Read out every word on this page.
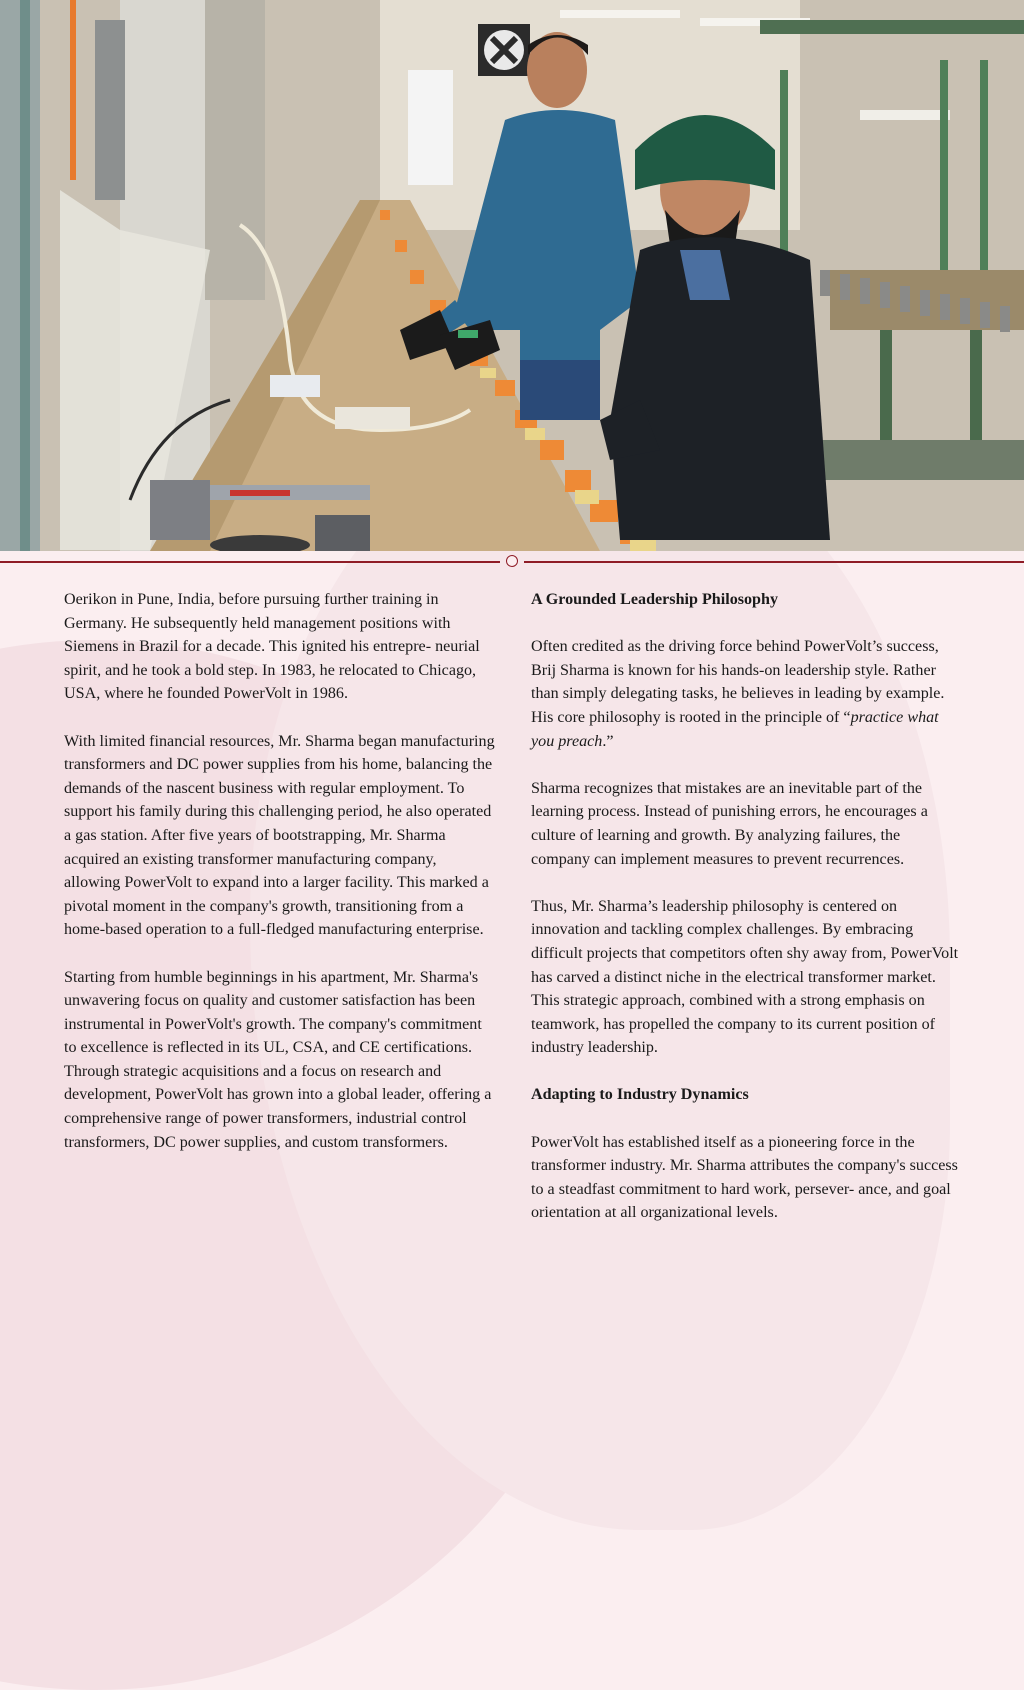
Oerikon in Pune, India, before pursuing further training in Germany. He subsequently held management positions with Siemens in Brazil for a decade. This ignited his entrepre- neurial spirit, and he took a bold step. In 1983, he relocated to Chicago, USA, where he founded PowerVolt in 1986.

With limited financial resources, Mr. Sharma began manufacturing transformers and DC power supplies from his home, balancing the demands of the nascent business with regular employment. To support his family during this challenging period, he also operated a gas station. After five years of bootstrapping, Mr. Sharma acquired an existing transformer manufacturing company, allowing PowerVolt to expand into a larger facility. This marked a pivotal moment in the company's growth, transitioning from a home-based operation to a full-fledged manufacturing enterprise.

Starting from humble beginnings in his apartment, Mr. Sharma's unwavering focus on quality and customer satisfaction has been instrumental in PowerVolt's growth. The company's commitment to excellence is reflected in its UL, CSA, and CE certifications. Through strategic acquisitions and a focus on research and development, PowerVolt has grown into a global leader, offering a comprehensive range of power transformers, industrial control transformers, DC power supplies, and custom transformers.

A Grounded Leadership Philosophy

Often credited as the driving force behind PowerVolt’s success, Brij Sharma is known for his hands-on leadership style. Rather than simply delegating tasks, he believes in leading by example. His core philosophy is rooted in the principle of “practice what you preach.”

Sharma recognizes that mistakes are an inevitable part of the learning process. Instead of punishing errors, he encourages a culture of learning and growth. By analyzing failures, the company can implement measures to prevent recurrences.

Thus, Mr. Sharma’s leadership philosophy is centered on innovation and tackling complex challenges. By embracing difficult projects that competitors often shy away from, PowerVolt has carved a distinct niche in the electrical transformer market. This strategic approach, combined with a strong emphasis on teamwork, has propelled the company to its current position of industry leadership.

Adapting to Industry Dynamics

PowerVolt has established itself as a pioneering force in the transformer industry. Mr. Sharma attributes the company's success to a steadfast commitment to hard work, persever- ance, and goal orientation at all organizational levels.
